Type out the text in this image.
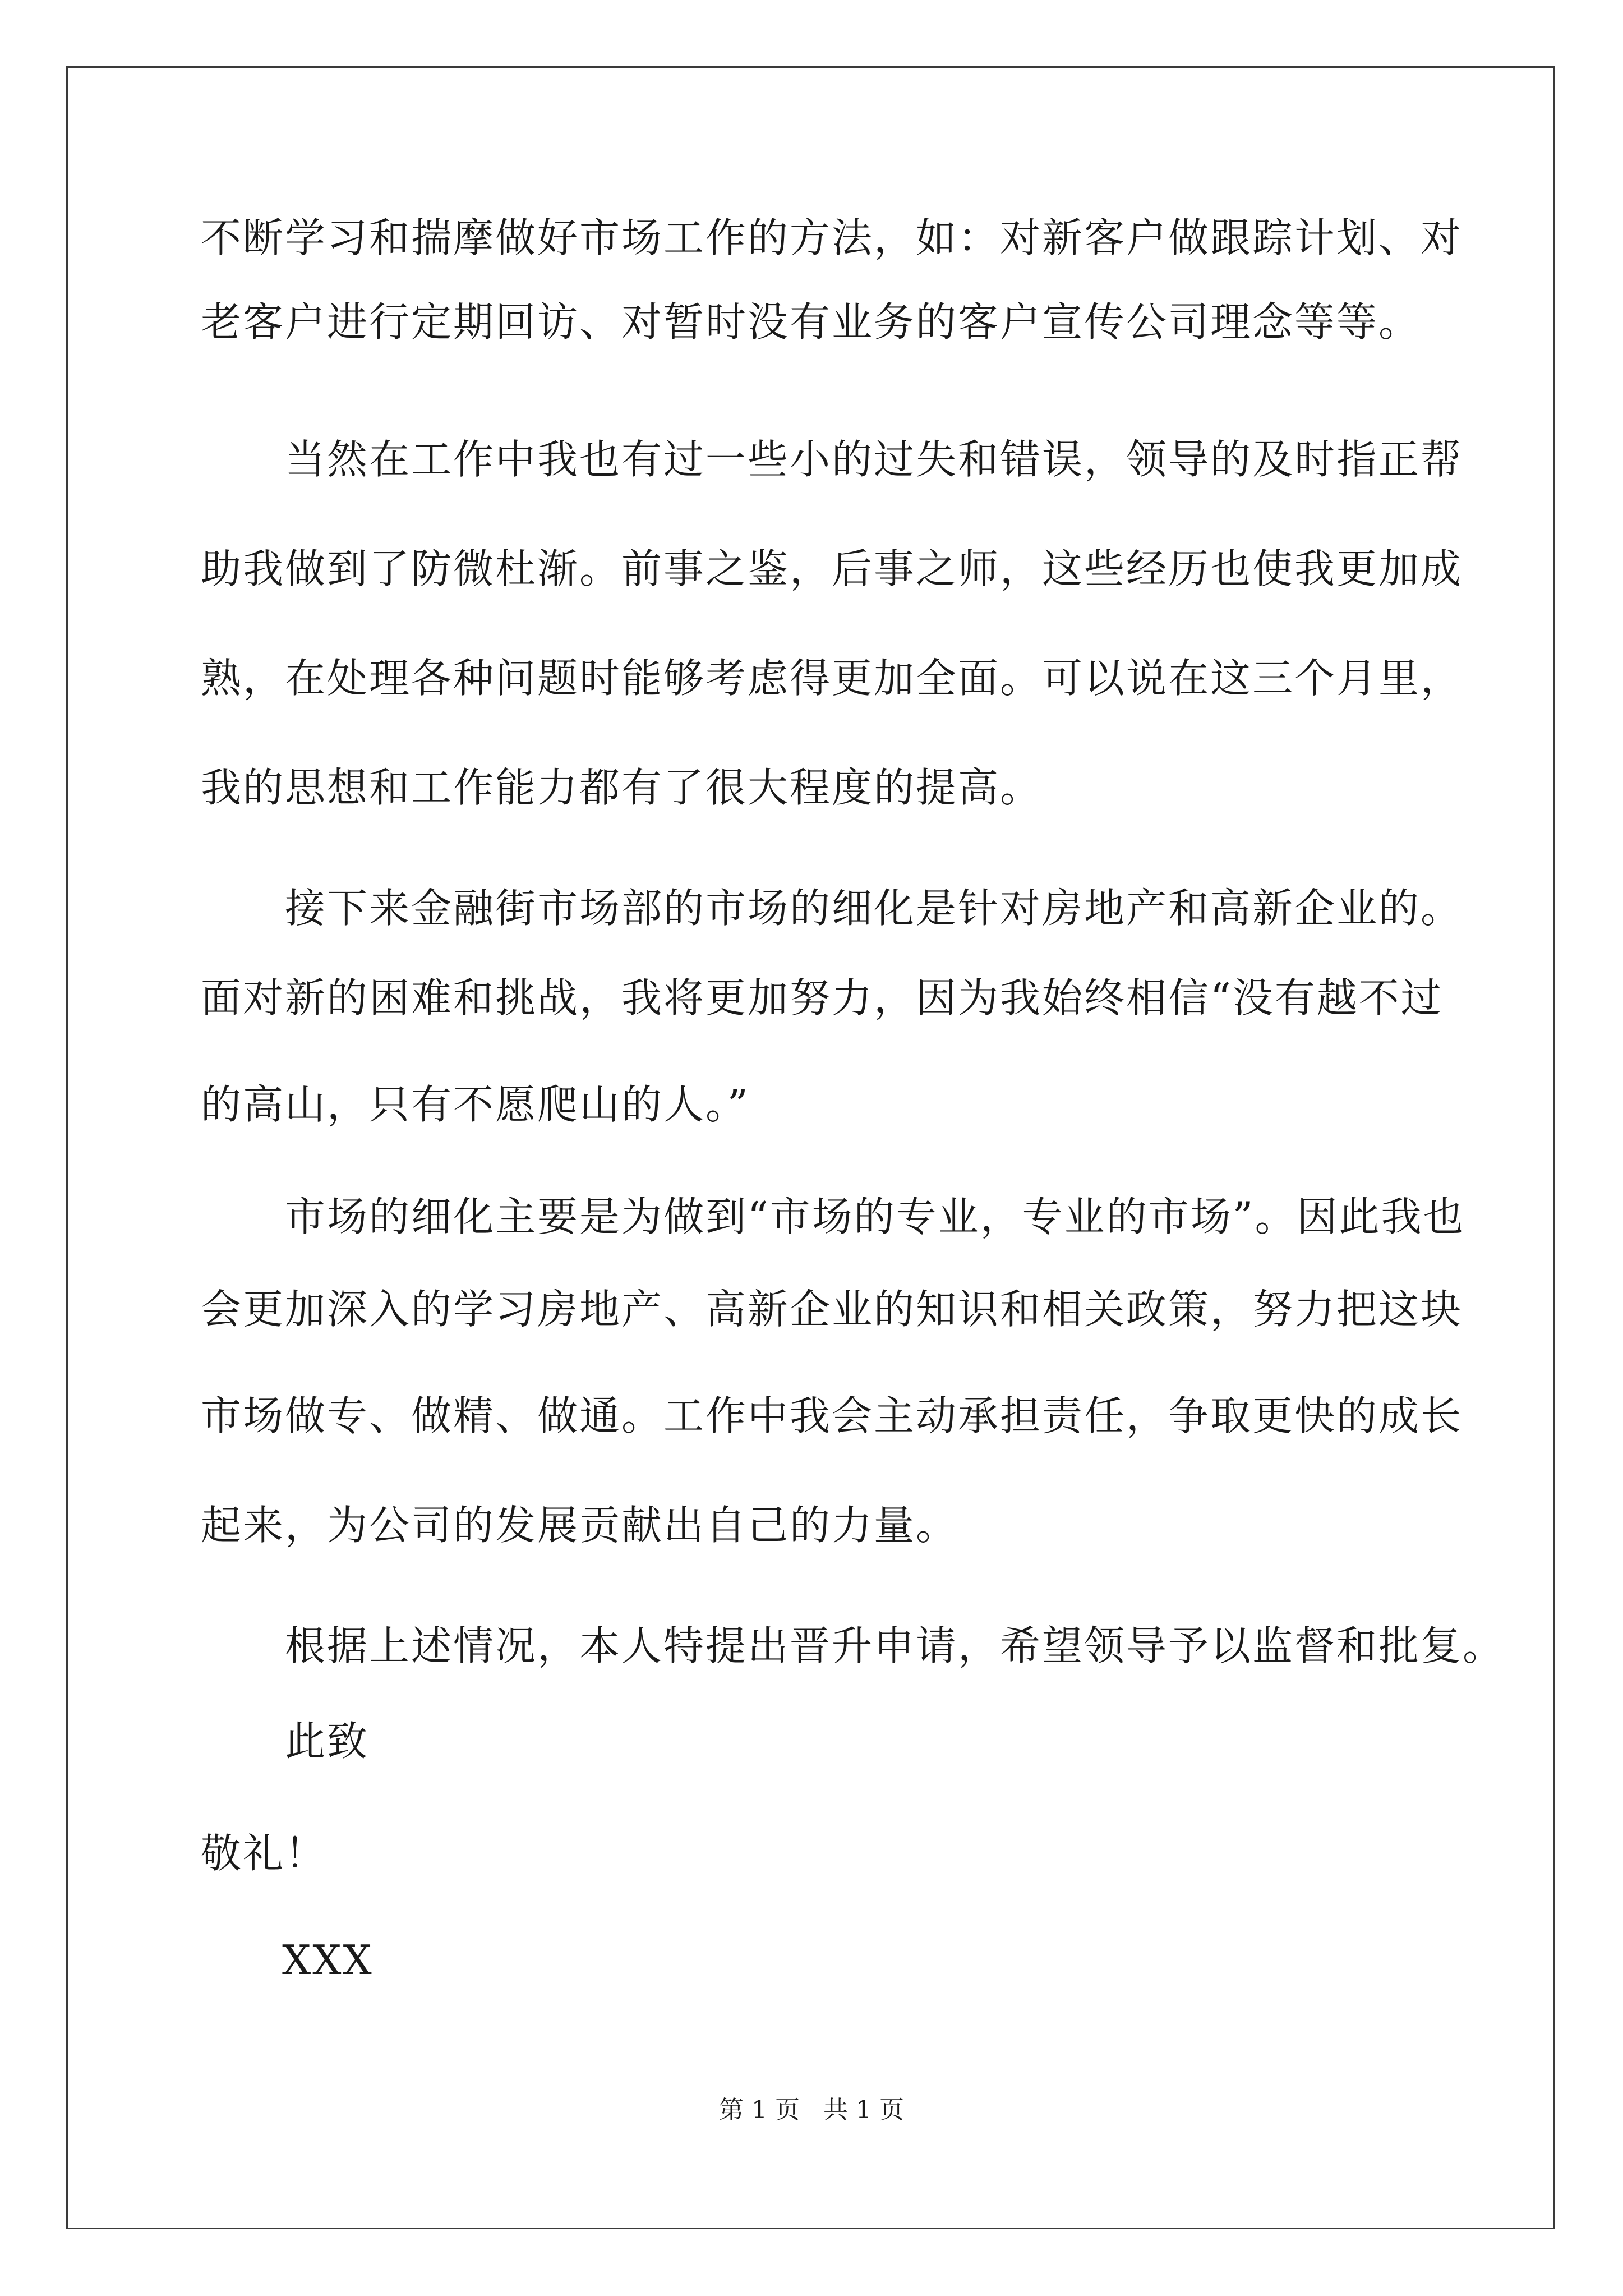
不断学习和揣摩做好市场工作的方法，如：对新客户做跟踪计划、对
老客户进行定期回访、对暂时没有业务的客户宣传公司理念等等。
当然在工作中我也有过一些小的过失和错误，领导的及时指正帮
助我做到了防微杜渐。前事之鉴，后事之师，这些经历也使我更加成
熟，在处理各种问题时能够考虑得更加全面。可以说在这三个月里，
我的思想和工作能力都有了很大程度的提高。
接下来金融街市场部的市场的细化是针对房地产和高新企业的。
面对新的困难和挑战，我将更加努力，因为我始终相信“没有越不过
的高山，只有不愿爬山的人。”
市场的细化主要是为做到“市场的专业，专业的市场”。因此我也
会更加深入的学习房地产、高新企业的知识和相关政策，努力把这块
市场做专、做精、做通。工作中我会主动承担责任，争取更快的成长
起来，为公司的发展贡献出自己的力量。
根据上述情况，本人特提出晋升申请，希望领导予以监督和批复。
此致
敬礼！
XXX
第 1 页   共 1 页
